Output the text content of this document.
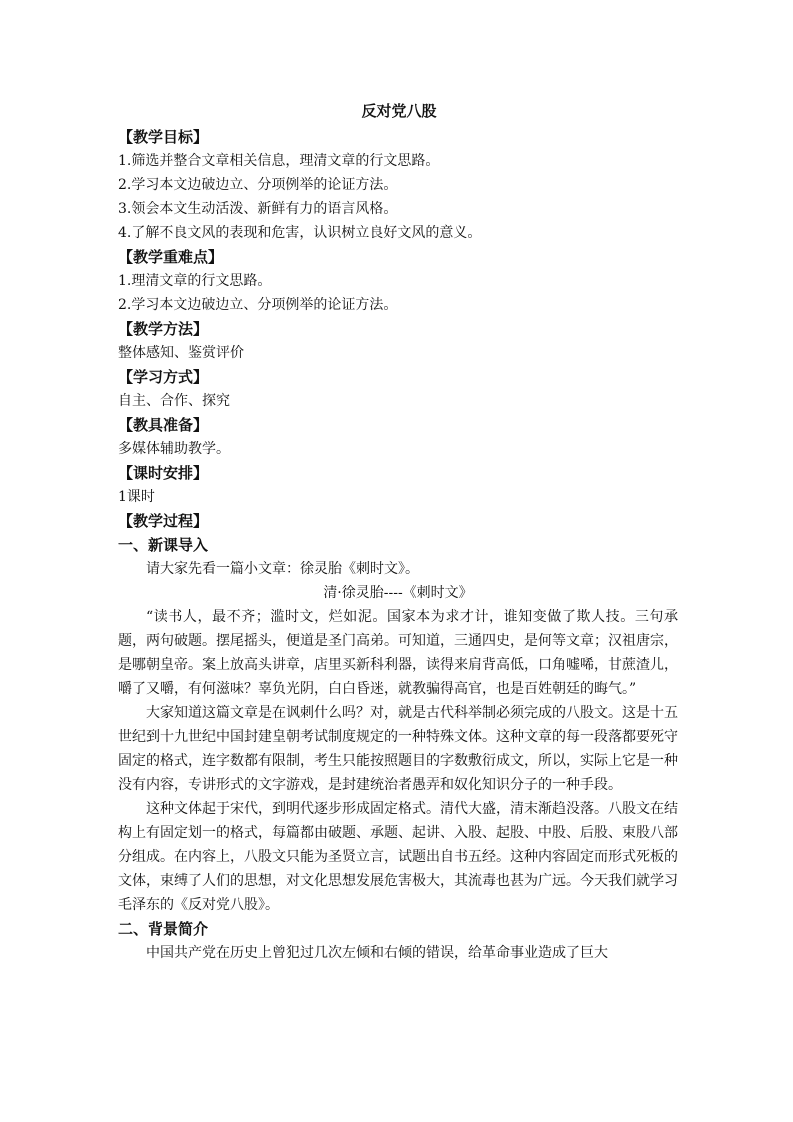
反对党八股
【教学目标】
1.筛选并整合文章相关信息，理清文章的行文思路。
2.学习本文边破边立、分项例举的论证方法。
3.领会本文生动活泼、新鲜有力的语言风格。
4.了解不良文风的表现和危害，认识树立良好文风的意义。
【教学重难点】
1.理清文章的行文思路。
2.学习本文边破边立、分项例举的论证方法。
【教学方法】
整体感知、鉴赏评价
【学习方式】
自主、合作、探究
【教具准备】
多媒体辅助教学。
【课时安排】
1课时
【教学过程】
一、新课导入

请大家先看一篇小文章：徐灵胎《刺时文》。

清·徐灵胎----《刺时文》

“读书人，最不齐；滥时文，烂如泥。国家本为求才计，谁知变做了欺人技。三句承题，两句破题。摆尾摇头，便道是圣门高弟。可知道，三通四史，是何等文章；汉祖唐宗，是哪朝皇帝。案上放高头讲章，店里买新科利器，读得来肩背高低，口角嘘唏，甘蔗渣儿，嚼了又嚼，有何滋味？辜负光阴，白白昏迷，就教骗得高官，也是百姓朝廷的晦气。”

大家知道这篇文章是在讽刺什么吗？对，就是古代科举制必须完成的八股文。这是十五世纪到十九世纪中国封建皇朝考试制度规定的一种特殊文体。这种文章的每一段落都要死守固定的格式，连字数都有限制，考生只能按照题目的字数敷衍成文，所以，实际上它是一种没有内容，专讲形式的文字游戏，是封建统治者愚弄和奴化知识分子的一种手段。

这种文体起于宋代，到明代逐步形成固定格式。清代大盛，清末渐趋没落。八股文在结构上有固定划一的格式，每篇都由破题、承题、起讲、入股、起股、中股、后股、束股八部分组成。在内容上，八股文只能为圣贤立言，试题出自书五经。这种内容固定而形式死板的文体，束缚了人们的思想，对文化思想发展危害极大，其流毒也甚为广远。今天我们就学习毛泽东的《反对党八股》。

二、背景简介

中国共产党在历史上曾犯过几次左倾和右倾的错误，给革命事业造成了巨大
